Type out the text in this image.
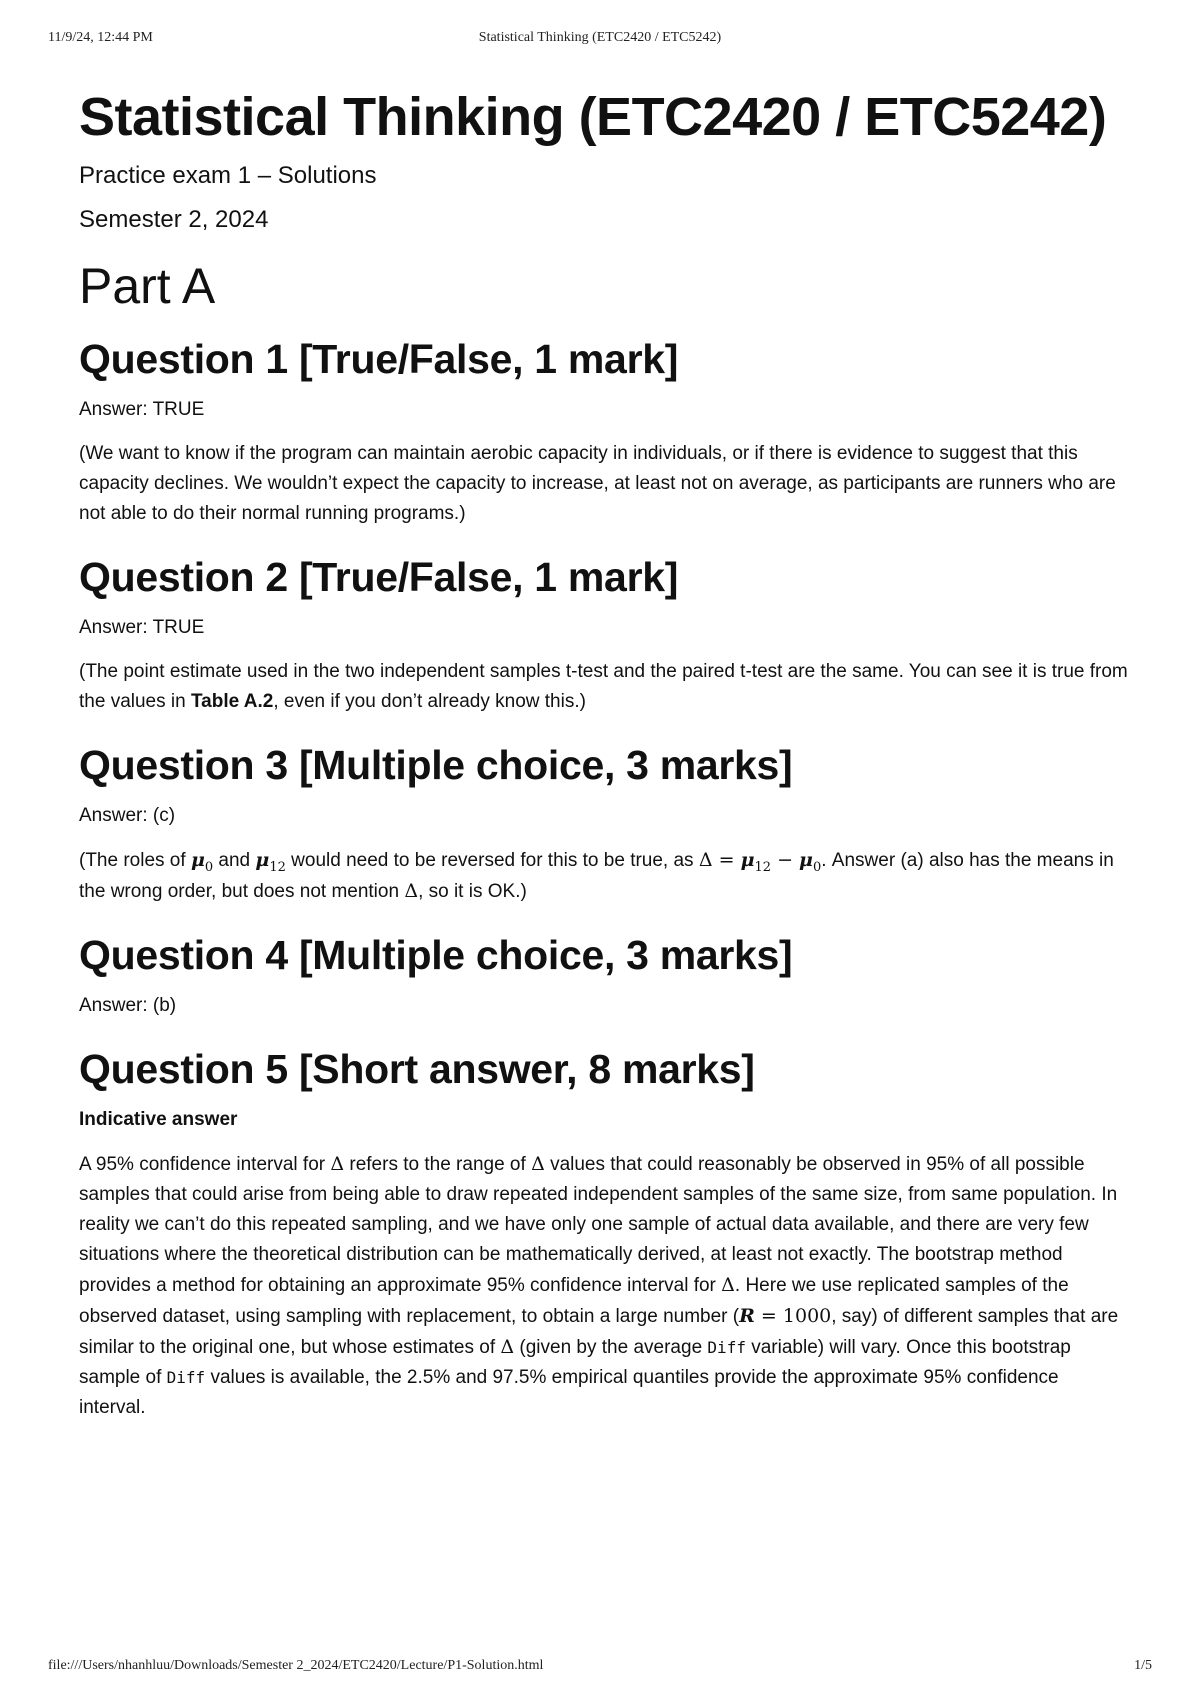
11/9/24, 12:44 PM	Statistical Thinking (ETC2420 / ETC5242)
Statistical Thinking (ETC2420 / ETC5242)

Practice exam 1 – Solutions

Semester 2, 2024

Part A
Question 1 [True/False, 1 mark]

Answer: TRUE

(We want to know if the program can maintain aerobic capacity in individuals, or if there is evidence to suggest that this capacity declines. We wouldn’t expect the capacity to increase, at least not on average, as participants are runners who are not able to do their normal running programs.)

Question 2 [True/False, 1 mark]

Answer: TRUE

(The point estimate used in the two independent samples t-test and the paired t-test are the same. You can see it is true from the values in Table A.2, even if you don’t already know this.)

Question 3 [Multiple choice, 3 marks]

Answer: (c)

(The roles of $\mu_0$ and $\mu_{12}$ would need to be reversed for this to be true, as $\Delta = \mu_{12} - \mu_0$. Answer (a) also has the means in the wrong order, but does not mention Δ, so it is OK.)

Question 4 [Multiple choice, 3 marks]

Answer: (b)

Question 5 [Short answer, 8 marks]

Indicative answer

A 95% confidence interval for Δ refers to the range of Δ values that could reasonably be observed in 95% of all possible samples that could arise from being able to draw repeated independent samples of the same size, from same population. In reality we can’t do this repeated sampling, and we have only one sample of actual data available, and there are very few situations where the theoretical distribution can be mathematically derived, at least not exactly. The bootstrap method provides a method for obtaining an approximate 95% confidence interval for Δ. Here we use replicated samples of the observed dataset, using sampling with replacement, to obtain a large number (R = 1000, say) of different samples that are similar to the original one, but whose estimates of Δ (given by the average Diff variable) will vary. Once this bootstrap sample of Diff values is available, the 2.5% and 97.5% empirical quantiles provide the approximate 95% confidence interval.

file:///Users/nhanhluu/Downloads/Semester 2_2024/ETC2420/Lecture/P1-Solution.html	1/5
